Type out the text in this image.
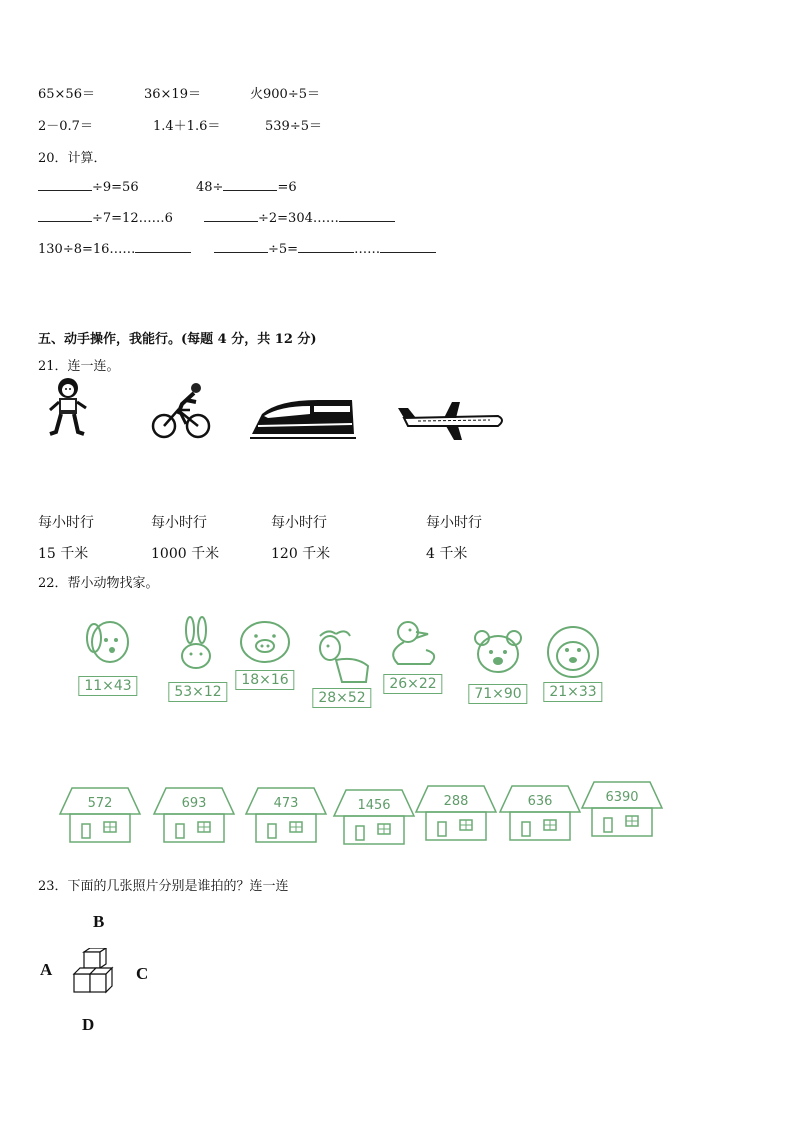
65×56＝	36×19＝	火900÷5＝
2－0.7＝	1.4＋1.6＝	539÷5＝
20．计算．
÷9=56	48÷	=6
÷7=12……6	÷2=304……
130÷8=16……	÷5=	……
五、动手操作，我能行。(每题 4 分，共 12 分)
21．连一连。
每小时行
15 千米
每小时行
1000 千米
每小时行
120 千米
每小时行
4 千米
22．帮小动物找家。
11×43	53×12
18×16
28×52
26×22
71×90	21×33
572	693	473	1456	288	636	6390
23．下面的几张照片分别是谁拍的？连一连
B
A	C
D
